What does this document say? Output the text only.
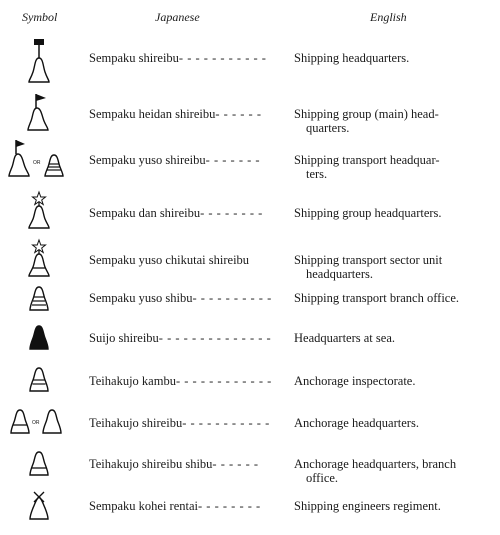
Symbol	Japanese	English
Sempaku shireibu- - - - - - - - - - - Shipping headquarters.
Sempaku heidan shireibu- - - - - -	Shipping group (main) head-
quarters.
OR	Sempaku yuso shireibu- - - - - - -	Shipping transport headquar-
ters.
Sempaku dan shireibu- - - - - - - - Shipping group headquarters.
Sempaku yuso chikutai shireibu	Shipping transport sector unit
headquarters.
Sempaku yuso shibu- - - - - - - - - - Shipping transport branch office.
Suijo shireibu- - - - - - - - - - - - - - Headquarters at sea.
Teihakujo kambu- - - - - - - - - - - - Anchorage inspectorate.
OR	Teihakujo shireibu- - - - - - - - - - - Anchorage headquarters.
Teihakujo shireibu shibu- - - - - -	Anchorage headquarters, branch
office.
Sempaku kohei rentai- - - - - - - -	Shipping engineers regiment.
